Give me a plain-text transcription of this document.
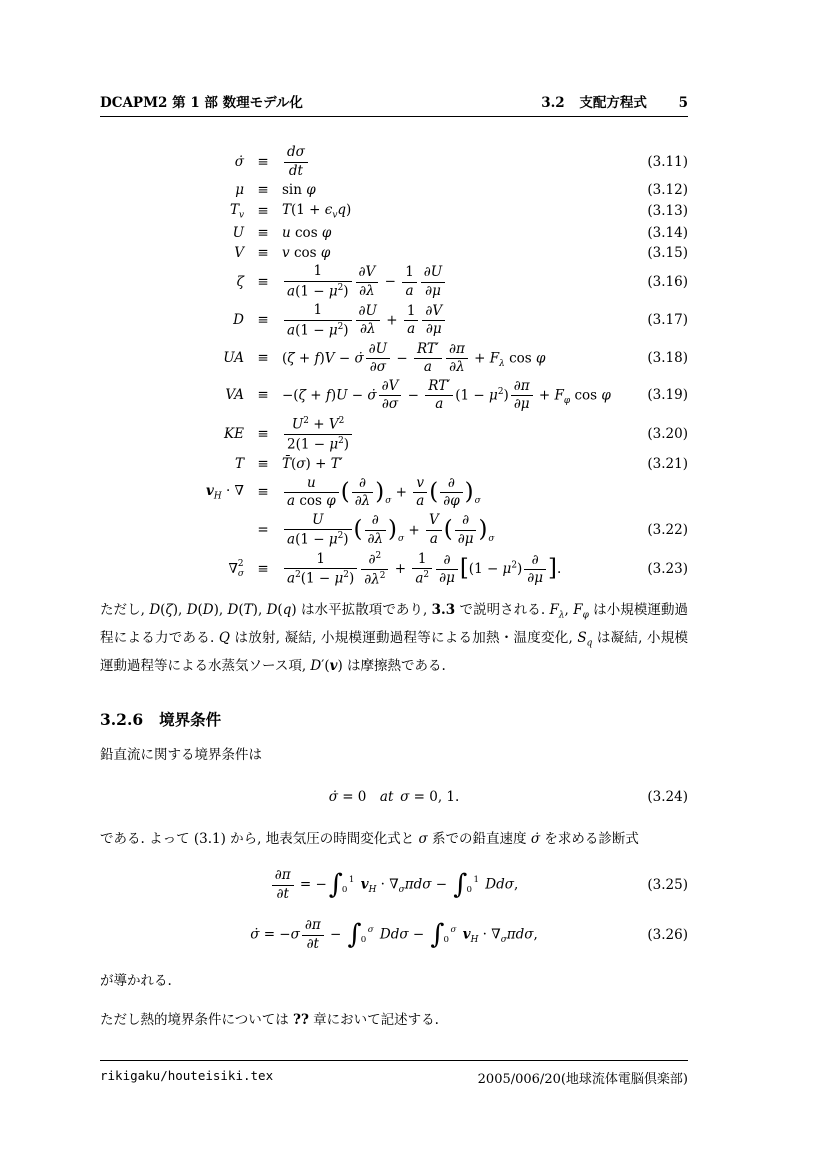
DCAPM2 第 1 部 数理モデル化	3.2 支配方程式 5
σ̇ ≡	$\frac{d\sigma}{dt}$	(3.11)
μ ≡ sin φ	(3.12)
$T_v \equiv T(1 + \epsilon_vq)$	(3.13)
U ≡ u cos φ	(3.14)
V ≡ v cos φ	(3.15)
ζ ≡	$\frac{1}{a(1 - \mu^2)} \frac{\partial V}{\partial\lambda} - \frac{1}{a} \frac{\partial U}{\partial\mu}$	(3.16)
D ≡	$\frac{1}{a(1 - \mu^2)} \frac{\partial U}{\partial\lambda} + \frac{1}{a} \frac{\partial V}{\partial\mu}$	(3.17)
UA ≡ (ζ + f)V − σ̇ $\frac{\partial U}{\partial\sigma} - \frac{RT'}{a} \frac{\partial\pi}{\partial\lambda} + F_\lambda$ cos φ	(3.18)
VA ≡ −(ζ + f)U − σ̇ $\frac{\partial V}{\partial\sigma} - \frac{RT'}{a} (1 - \mu^2) \frac{\partial\pi}{\partial\mu} + F_\varphi$ cos φ	(3.19)
KE ≡	$\frac{U^2 + V^2}{2(1 - \mu^2)}$	(3.20)
T ≡ T̄(σ) + T′	(3.21)
$v_H$ · ∇ ≡	$\frac{u}{\text{a cos φ}}$ ( ∂
∂λ )$_\sigma + \frac{v}{a}$ ( ∂
∂φ )$_\sigma$
=	$\frac{U}{a(1 - \mu^2)}$ ( ∂
∂λ )$_\sigma + \frac{V}{a}$ ( ∂
∂μ )$_\sigma$
(3.22)
∇ 2
σ ≡	$\frac{1}{a^2(1 - \mu^2)} \frac{\partial^2}{\partial\lambda^2} + \frac{1}{a^2}$ ∂
∂μ [$(1 - \mu^2)$
∂
∂μ ].	(3.23)

ただし, D(ζ), D(D), D(T), D(q) は水平拡散項であり, 3.3 で説明される. $F_\lambda$, $F_\varphi$ は小規模運動過程による力である. Q は放射, 凝結, 小規模運動過程等による加熱・温度変化, $S_q$ は凝結, 小規模運動過程等による水蒸気ソース項, D′(v) は摩擦熱である.

3.2.6 境界条件

鉛直流に関する境界条件は

σ̇ = 0 at  σ = 0, 1.	(3.24)

である. よって (3.1) から, 地表気圧の時間変化式と σ 系での鉛直速度 σ̇ を求める診断式

$\frac{\partial\pi}{\partial t}$ = − ∫ 1
0 $v_H \cdot \nabla_\sigma\pi d\sigma$ − ∫ 1
0 Ddσ,	(3.25)
σ̇ = $-\sigma \frac{\partial\pi}{\partial t}$ − ∫ σ
0	Ddσ − ∫ σ
0	$v_H \cdot \nabla_\sigma\pi d\sigma$,	(3.26)

が導かれる.

ただし熱的境界条件については ?? 章において記述する.

rikigaku/houteisiki.tex	2005/006/20(地球流体電脳倶楽部)
